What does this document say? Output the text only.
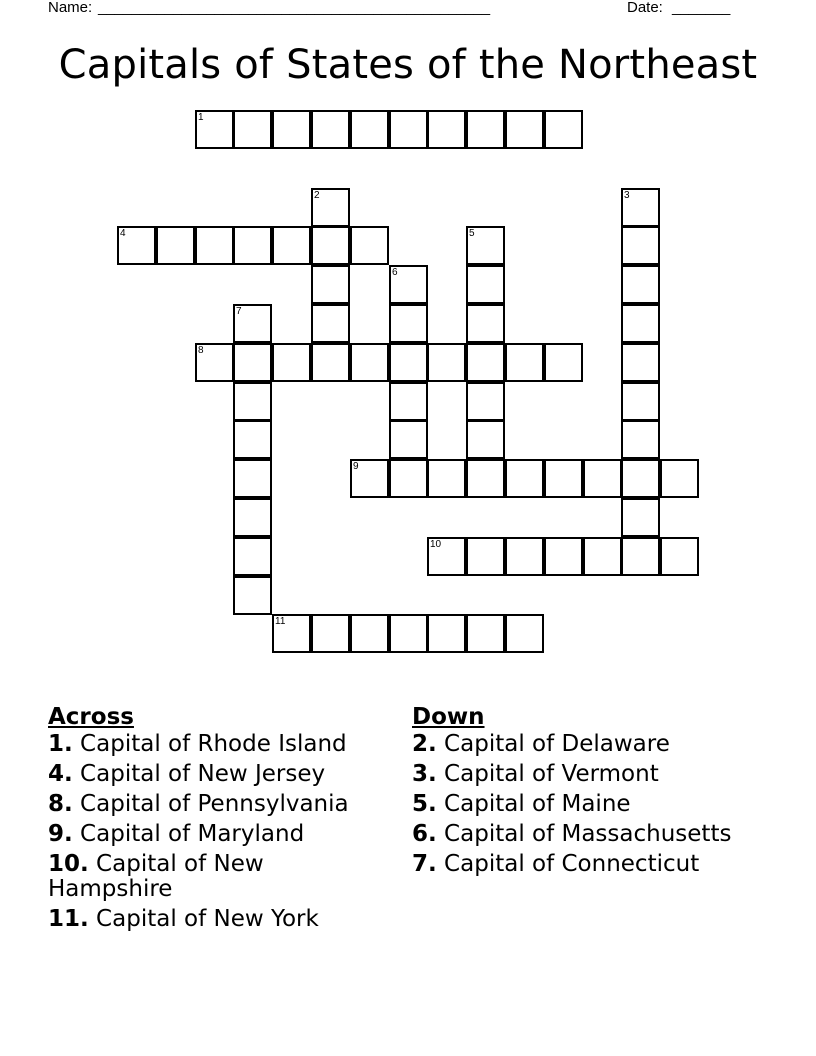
Name:

_______________________________________________

	Date:

_______

Capitals of States of the Northeast
1
2	3
4	5
6
7
8
9
10
11
Across
1. Capital of Rhode Island
4. Capital of New Jersey
8. Capital of Pennsylvania
9. Capital of Maryland
10. Capital of New Hampshire
11. Capital of New York
Down
2. Capital of Delaware
3. Capital of Vermont
5. Capital of Maine
6. Capital of Massachusetts
7. Capital of Connecticut
